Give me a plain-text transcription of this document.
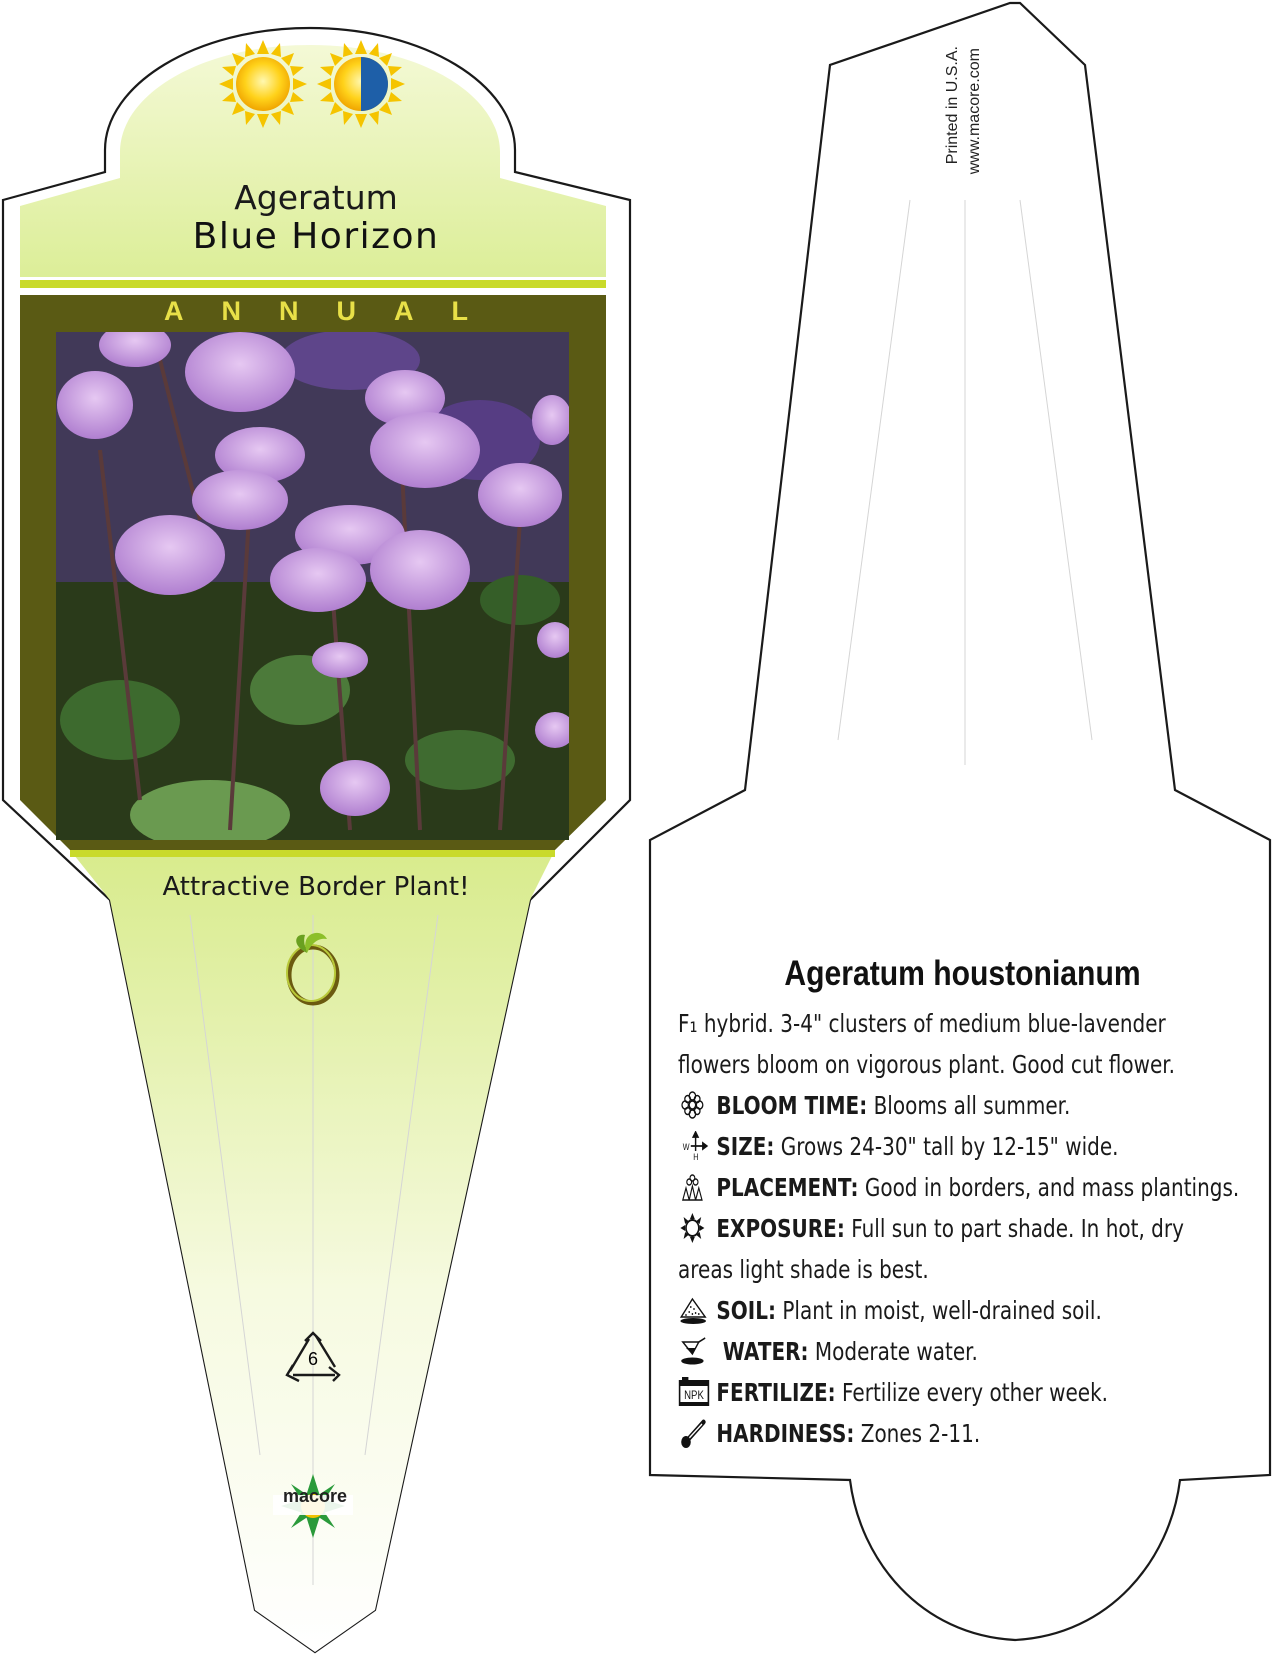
Ageratum
Blue Horizon
ANNUAL
Attractive Border Plant!
6
macore
Printed in U.S.A. www.macore.com
Ageratum houstonianum
F₁ hybrid. 3-4" clusters of medium blue-lavender
flowers bloom on vigorous plant. Good cut flower.
BLOOM TIME: Blooms all summer.
W
H SIZE: Grows 24-30" tall by 12-15" wide.
PLACEMENT: Good in borders, and mass plantings.
EXPOSURE: Full sun to part shade. In hot, dry
areas light shade is best.
SOIL: Plant in moist, well-drained soil.
WATER: Moderate water.
NPK FERTILIZE: Fertilize every other week.
HARDINESS: Zones 2-11.
